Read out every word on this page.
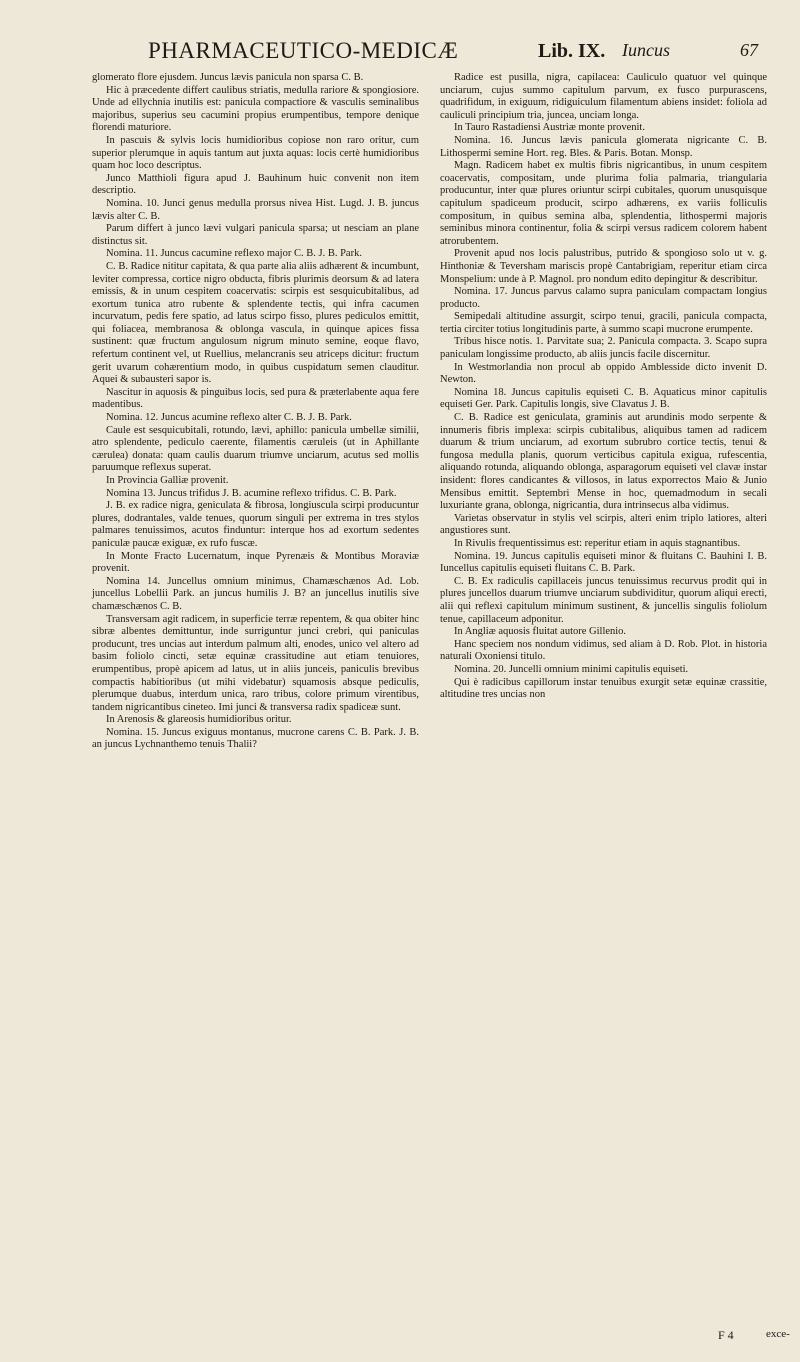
PHARMACEUTICO-MEDICÆ	Lib. IX. Iuncus	67

glomerato flore ejusdem. Juncus lævis panicula non sparsa C. B.

Hic à præcedente differt caulibus striatis, medulla rariore & spongiosiore. Unde ad ellychnia inutilis est: panicula compactiore & vasculis seminalibus majoribus, superius seu cacumini propius erumpentibus, tempore denique florendi maturiore.

In pascuis & sylvis locis humidioribus copiose non raro oritur, cum superior plerumque in aquis tantum aut juxta aquas: locis certè humidioribus quam hoc loco descriptus.

Junco Matthioli figura apud J. Bauhinum huic convenit non item descriptio.

Nomina. 10. Junci genus medulla prorsus nivea Hist. Lugd. J. B. juncus lævis alter C. B.

Parum differt à junco lævi vulgari panicula sparsa; ut nesciam an plane distinctus sit.

Nomina. 11. Juncus cacumine reflexo major C. B. J. B. Park.

C. B. Radice nititur capitata, & qua parte alia aliis adhærent & incumbunt, leviter compressa, cortice nigro obducta, fibris plurimis deorsum & ad latera emissis, & in unum cespitem coacervatis: scirpis est sesquicubitalibus, ad exortum tunica atro rubente & splendente tectis, qui infra cacumen incurvatum, pedis fere spatio, ad latus scirpo fisso, plures pediculos emittit, qui foliacea, membranosa & oblonga vascula, in quinque apices fissa sustinent: quæ fructum angulosum nigrum minuto semine, eoque flavo, refertum continent vel, ut Ruellius, melancranis seu atriceps dicitur: fructum gerit uvarum cohærentium modo, in quibus cuspidatum semen clauditur. Aquei & subausteri sapor is.

Nascitur in aquosis & pinguibus locis, sed pura & præterlabente aqua fere madentibus.

Nomina. 12. Juncus acumine reflexo alter C. B. J. B. Park.

Caule est sesquicubitali, rotundo, lævi, aphillo: panicula umbellæ similii, atro splendente, pediculo caerente, filamentis cæruleis (ut in Aphillante cærulea) donata: quam caulis duarum triumve unciarum, acutus sed mollis paruumque reflexus superat.

In Provincia Galliæ provenit.

Nomina 13. Juncus trifidus J. B. acumine reflexo trifidus. C. B. Park.

J. B. ex radice nigra, geniculata & fibrosa, longiuscula scirpi producuntur plures, dodrantales, valde tenues, quorum singuli per extrema in tres stylos palmares tenuissimos, acutos finduntur: interque hos ad exortum sedentes paniculæ paucæ exiguæ, ex rufo fuscæ.

In Monte Fracto Lucernatum, inque Pyrenæis & Montibus Moraviæ provenit.

Nomina 14. Juncellus omnium minimus, Chamæschænos Ad. Lob. juncellus Lobellii Park. an juncus humilis J. B? an juncellus inutilis sive chamæschænos C. B.

Transversam agit radicem, in superficie terræ repentem, & qua obiter hinc sibræ albentes demittuntur, inde surriguntur junci crebri, qui paniculas producunt, tres uncias aut interdum palmum alti, enodes, unico vel altero ad basim foliolo cincti, setæ equinæ crassitudine aut etiam tenuiores, erumpentibus, propè apicem ad latus, ut in aliis junceis, paniculis brevibus compactis habitioribus (ut mihi videbatur) squamosis absque pediculis, plerumque duabus, interdum unica, raro tribus, colore primum virentibus, tandem nigricantibus cineteo. Imi junci & transversa radix spadiceæ sunt.

In Arenosis & glareosis humidioribus oritur.

Nomina. 15. Juncus exiguus montanus, mucrone carens C. B. Park. J. B. an juncus Lychnanthemo tenuis Thalii?

Radice est pusilla, nigra, capilacea: Cauliculo quatuor vel quinque unciarum, cujus summo capitulum parvum, ex fusco purpurascens, quadrifidum, in exiguum, ridiguiculum filamentum abiens insidet: foliola ad cauliculi principium tria, juncea, unciam longa.

In Tauro Rastadiensi Austriæ monte provenit.

Nomina. 16. Juncus lævis panicula glomerata nigricante C. B. Lithospermi semine Hort. reg. Bles. & Paris. Botan. Monsp.

Magn. Radicem habet ex multis fibris nigricantibus, in unum cespitem coacervatis, compositam, unde plurima folia palmaria, triangularia producuntur, inter quæ plures oriuntur scirpi cubitales, quorum unusquisque capitulum spadiceum producit, scirpo adhærens, ex variis folliculis compositum, in quibus semina alba, splendentia, lithospermi majoris seminibus minora continentur, folia & scirpi versus radicem colorem habent atrorubentem.

Provenit apud nos locis palustribus, putrido & spongioso solo ut v. g. Hinthoniæ & Teversham mariscis propè Cantabrigiam, reperitur etiam circa Monspelium: unde à P. Magnol. pro nondum edito depingitur & describitur.

Nomina. 17. Juncus parvus calamo supra paniculam compactam longius producto.

Semipedali altitudine assurgit, scirpo tenui, gracili, panicula compacta, tertia circiter totius longitudinis parte, à summo scapi mucrone erumpente.

Tribus hisce notis. 1. Parvitate sua; 2. Panicula compacta. 3. Scapo supra paniculam longissime producto, ab aliis juncis facile discernitur.

In Westmorlandia non procul ab oppido Amblesside dicto invenit D. Newton.

Nomina 18. Juncus capitulis equiseti C. B. Aquaticus minor capitulis equiseti Ger. Park. Capitulis longis, sive Clavatus J. B.

C. B. Radice est geniculata, graminis aut arundinis modo serpente & innumeris fibris implexa: scirpis cubitalibus, aliquibus tamen ad radicem duarum & trium unciarum, ad exortum subrubro cortice tectis, tenui & fungosa medulla planis, quorum verticibus capitula exigua, rufescentia, aliquando rotunda, aliquando oblonga, asparagorum equiseti vel clavæ instar insident: flores candicantes & villosos, in latus exporrectos Maio & Junio Mensibus emittit. Septembri Mense in hoc, quemadmodum in secali luxuriante grana, oblonga, nigricantia, dura intrinsecus alba vidimus.

Varietas observatur in stylis vel scirpis, alteri enim triplo latiores, alteri angustiores sunt.

In Rivulis frequentissimus est: reperitur etiam in aquis stagnantibus.

Nomina. 19. Juncus capitulis equiseti minor & fluitans C. Bauhini I. B. Iuncellus capitulis equiseti fluitans C. B. Park.

C. B. Ex radiculis capillaceis juncus tenuissimus recurvus prodit qui in plures juncellos duarum triumve unciarum subdividitur, quorum aliqui erecti, alii qui reflexi capitulum minimum sustinent, & juncellis singulis foliolum tenue, capillaceum adponitur.

In Angliæ aquosis fluitat autore Gillenio.

Hanc speciem nos nondum vidimus, sed aliam à D. Rob. Plot. in historia naturali Oxoniensi titulo.

Nomina. 20. Juncelli omnium minimi capitulis equiseti.

Qui è radicibus capillorum instar tenuibus exurgit setæ equinæ crassitie, altitudine tres uncias non

F 4	exce-
